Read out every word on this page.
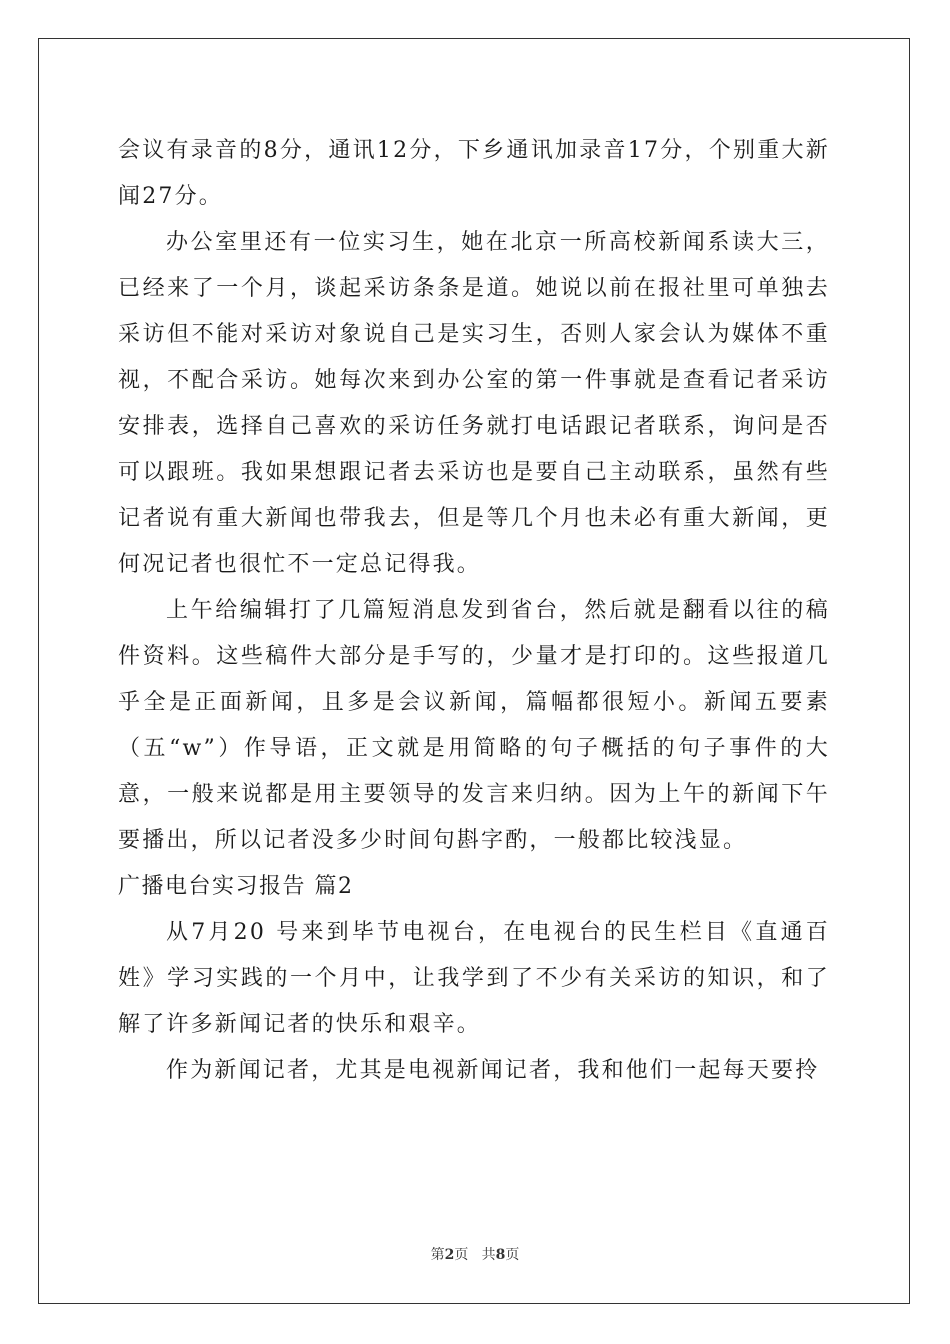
会议有录音的8分，通讯12分，下乡通讯加录音17分，个别重大新闻27分。

办公室里还有一位实习生，她在北京一所高校新闻系读大三，已经来了一个月，谈起采访条条是道。她说以前在报社里可单独去采访但不能对采访对象说自己是实习生，否则人家会认为媒体不重视，不配合采访。她每次来到办公室的第一件事就是查看记者采访安排表，选择自己喜欢的采访任务就打电话跟记者联系，询问是否可以跟班。我如果想跟记者去采访也是要自己主动联系，虽然有些记者说有重大新闻也带我去，但是等几个月也未必有重大新闻，更何况记者也很忙不一定总记得我。

上午给编辑打了几篇短消息发到省台，然后就是翻看以往的稿件资料。这些稿件大部分是手写的，少量才是打印的。这些报道几乎全是正面新闻，且多是会议新闻，篇幅都很短小。新闻五要素（五“w”）作导语，正文就是用简略的句子概括的句子事件的大意，一般来说都是用主要领导的发言来归纳。因为上午的新闻下午要播出，所以记者没多少时间句斟字酌，一般都比较浅显。

广播电台实习报告 篇2

从7月20 号来到毕节电视台，在电视台的民生栏目《直通百姓》学习实践的一个月中，让我学到了不少有关采访的知识，和了解了许多新闻记者的快乐和艰辛。

作为新闻记者，尤其是电视新闻记者，我和他们一起每天要拎

第2页 共8页
